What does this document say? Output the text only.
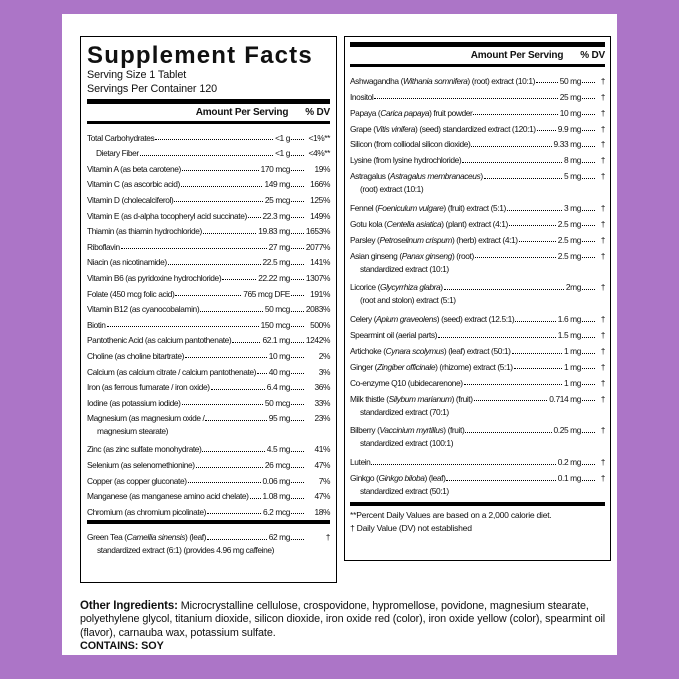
Supplement Facts
Serving Size 1 Tablet
Servings Per Container 120
Amount Per Serving % DV
Total Carbohydrates	<1 g <1%**
Dietary Fiber	<1 g <4%**
Vitamin A (as beta carotene)	170 mcg	19%
Vitamin C (as ascorbic acid)	149 mg	166%
Vitamin D (cholecalciferol)	25 mcg	125%
Vitamin E (as d-alpha tocopheryl acid succinate) 22.3 mg	149%
Thiamin (as thiamin hydrochloride)	19.83 mg 1653%
Riboflavin	27 mg 2077%
Niacin (as nicotinamide)	22.5 mg	141%
Vitamin B6 (as pyridoxine hydrochloride)	22.22 mg 1307%
Folate (450 mcg folic acid)	765 mcg DFE	191%
Vitamin B12 (as cyanocobalamin)	50 mcg 2083%
Biotin	150 mcg	500%
Pantothenic Acid (as calcium pantothenate)	62.1 mg 1242%
Choline (as choline bitartrate)	10 mg	2%
Calcium (as calcium citrate / calcium pantothenate) 40 mg	3%
Iron (as ferrous fumarate / iron oxide)	6.4 mg	36%
Iodine (as potassium iodide)	50 mcg	33%
Magnesium (as magnesium oxide /	95 mg	23%
magnesium stearate)
Zinc (as zinc sulfate monohydrate)	4.5 mg	41%
Selenium (as selenomethionine)	26 mcg	47%
Copper (as copper gluconate)	0.06 mg	7%
Manganese (as manganese amino acid chelate) 1.08 mg	47%
Chromium (as chromium picolinate)	6.2 mcg	18%
Green Tea (Camellia sinensis) (leaf)	62 mg	†
standardized extract (6:1) (provides 4.96 mg caffeine)
Amount Per Serving % DV
Ashwagandha (Withania somnifera) (root) extract (10:1)	50 mg	†
Inositol	25 mg	†
Papaya (Carica papaya) fruit powder	10 mg	†
Grape (Vitis vinifera) (seed) standardized extract (120:1)	9.9 mg	†
Silicon (from colliodal silicon dioxide)	9.33 mg	†
Lysine (from lysine hydrochloride)	8 mg	†
Astragalus (Astragalus membranaceus)	5 mg	†
(root) extract (10:1)
Fennel (Foeniculum vulgare) (fruit) extract (5:1)	3 mg	†
Gotu kola (Centella asiatica) (plant) extract (4:1)	2.5 mg	†
Parsley (Petroselinum crispum) (herb) extract (4:1)	2.5 mg	†
Asian ginseng (Panax ginseng) (root)	2.5 mg	†
standardized extract (10:1)
Licorice (Glycyrrhiza glabra)	2mg	†
(root and stolon) extract (5:1)
Celery (Apium graveolens) (seed) extract (12.5:1)	1.6 mg	†
Spearmint oil (aerial parts)	1.5 mg	†
Artichoke (Cynara scolymus) (leaf) extract (50:1)	1 mg	†
Ginger (Zingiber officinale) (rhizome) extract (5:1)	1 mg	†
Co-enzyme Q10 (ubidecarenone)	1 mg	†
Milk thistle (Silybum marianum) (fruit)	0.714 mg	†
standardized extract (70:1)
Bilberry (Vaccinium myrtillus) (fruit)	0.25 mg	†
standardized extract (100:1)
Lutein	0.2 mg	†
Ginkgo (Ginkgo biloba) (leaf)	0.1 mg	†
standardized extract (50:1)
**Percent Daily Values are based on a 2,000 calorie diet.
† Daily Value (DV) not established
Other Ingredients: Microcrystalline cellulose, crospovidone, hypromellose, povidone, magnesium stearate, polyethylene glycol, titanium dioxide, silicon dioxide, iron oxide red (color), iron oxide yellow (color), spearmint oil (flavor), carnauba wax, potassium sulfate.
CONTAINS: SOY
